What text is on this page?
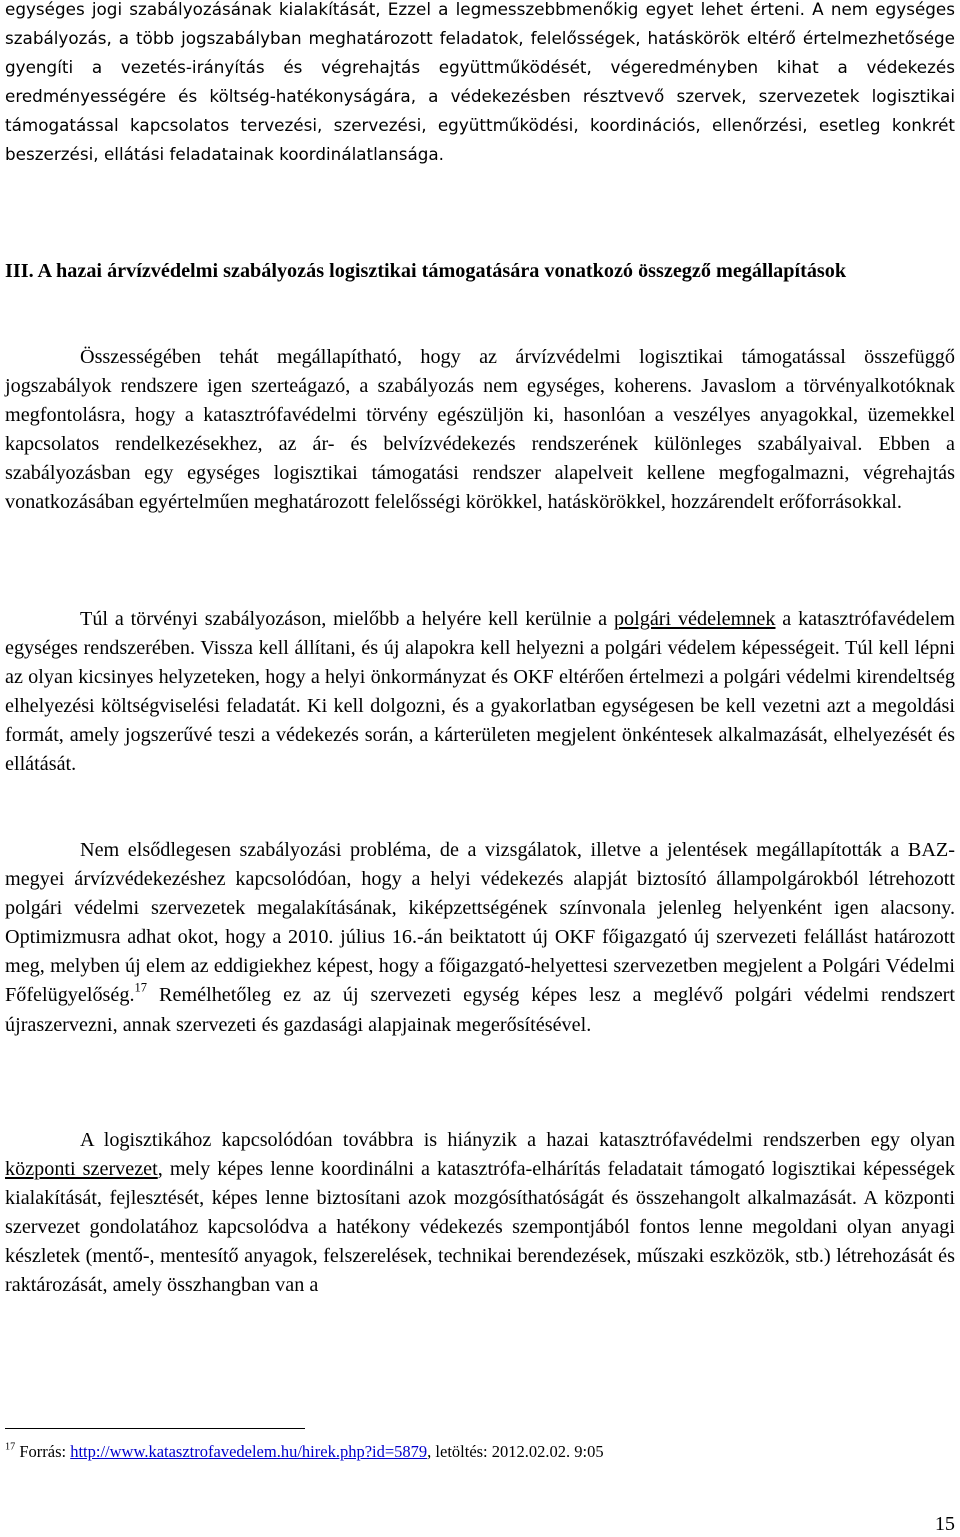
egységes jogi szabályozásának kialakítását, Ezzel a legmesszebbmenőkig egyet lehet érteni. A nem egységes szabályozás, a több jogszabályban meghatározott feladatok, felelősségek, hatáskörök eltérő értelmezhetősége gyengíti a vezetés-irányítás és végrehajtás együttműködését, végeredményben kihat a védekezés eredményességére és költség-hatékonyságára, a védekezésben résztvevő szervek, szervezetek logisztikai támogatással kapcsolatos tervezési, szervezési, együttműködési, koordinációs, ellenőrzési, esetleg konkrét beszerzési, ellátási feladatainak koordinálatlansága.

III. A hazai árvízvédelmi szabályozás logisztikai támogatására vonatkozó összegző megállapítások

Összességében tehát megállapítható, hogy az árvízvédelmi logisztikai támogatással összefüggő jogszabályok rendszere igen szerteágazó, a szabályozás nem egységes, koherens. Javaslom a törvényalkotóknak megfontolásra, hogy a katasztrófavédelmi törvény egészüljön ki, hasonlóan a veszélyes anyagokkal, üzemekkel kapcsolatos rendelkezésekhez, az ár- és belvízvédekezés rendszerének különleges szabályaival. Ebben a szabályozásban egy egységes logisztikai támogatási rendszer alapelveit kellene megfogalmazni, végrehajtás vonatkozásában egyértelműen meghatározott felelősségi körökkel, hatáskörökkel, hozzárendelt erőforrásokkal.

Túl a törvényi szabályozáson, mielőbb a helyére kell kerülnie a polgári védelemnek a katasztrófavédelem egységes rendszerében. Vissza kell állítani, és új alapokra kell helyezni a polgári védelem képességeit. Túl kell lépni az olyan kicsinyes helyzeteken, hogy a helyi önkormányzat és OKF eltérően értelmezi a polgári védelmi kirendeltség elhelyezési költségviselési feladatát. Ki kell dolgozni, és a gyakorlatban egységesen be kell vezetni azt a megoldási formát, amely jogszerűvé teszi a védekezés során, a kárterületen megjelent önkéntesek alkalmazását, elhelyezését és ellátását.

Nem elsődlegesen szabályozási probléma, de a vizsgálatok, illetve a jelentések megállapították a BAZ-megyei árvízvédekezéshez kapcsolódóan, hogy a helyi védekezés alapját biztosító állampolgárokból létrehozott polgári védelmi szervezetek megalakításának, kiképzettségének színvonala jelenleg helyenként igen alacsony. Optimizmusra adhat okot, hogy a 2010. július 16.-án beiktatott új OKF főigazgató új szervezeti felállást határozott meg, melyben új elem az eddigiekhez képest, hogy a főigazgató-helyettesi szervezetben megjelent a Polgári Védelmi Főfelügyelőség.$^{17}$ Remélhetőleg ez az új szervezeti egység képes lesz a meglévő polgári védelmi rendszert újraszervezni, annak szervezeti és gazdasági alapjainak megerősítésével.

A logisztikához kapcsolódóan továbbra is hiányzik a hazai katasztrófavédelmi rendszerben egy olyan központi szervezet, mely képes lenne koordinálni a katasztrófa-elhárítás feladatait támogató logisztikai képességek kialakítását, fejlesztését, képes lenne biztosítani azok mozgósíthatóságát és összehangolt alkalmazását. A központi szervezet gondolatához kapcsolódva a hatékony védekezés szempontjából fontos lenne megoldani olyan anyagi készletek (mentő-, mentesítő anyagok, felszerelések, technikai berendezések, műszaki eszközök, stb.) létrehozását és raktározását, amely összhangban van a

$^{17}$ Forrás: http://www.katasztrofavedelem.hu/hirek.php?id=5879, letöltés: 2012.02.02. 9:05

15
